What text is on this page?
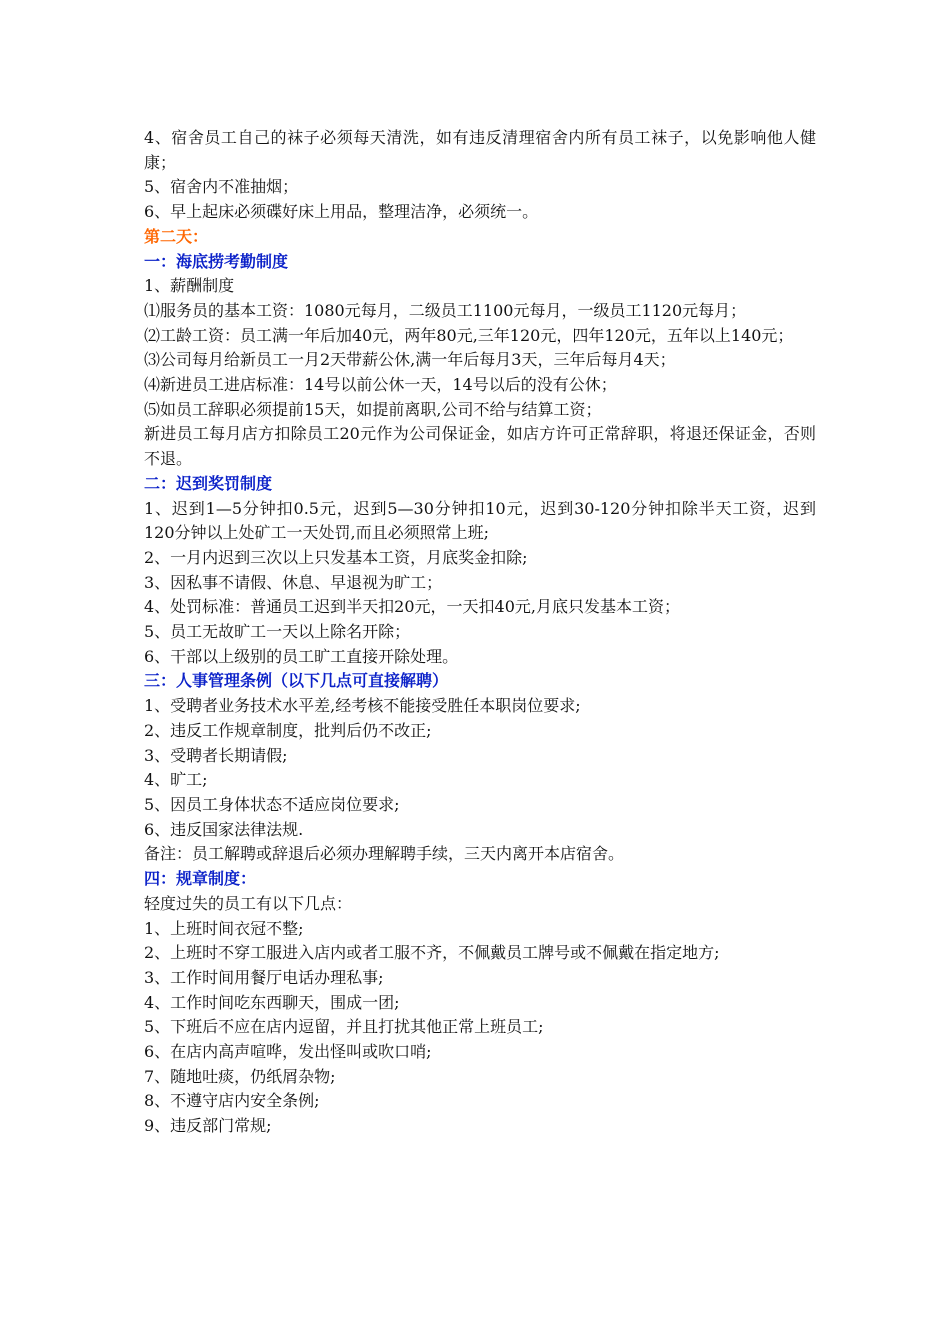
4、宿舍员工自己的袜子必须每天清洗，如有违反清理宿舍内所有员工袜子，以免影响他人健康；

5、宿舍内不准抽烟；

6、早上起床必须碟好床上用品，整理洁净，必须统一。

第二天：

一：海底捞考勤制度

1、薪酬制度

⑴服务员的基本工资：1080元每月，二级员工1100元每月，一级员工1120元每月；

⑵工龄工资：员工满一年后加40元，两年80元,三年120元，四年120元，五年以上140元；

⑶公司每月给新员工一月2天带薪公休,满一年后每月3天，三年后每月4天；

⑷新进员工进店标准：14号以前公休一天，14号以后的没有公休；

⑸如员工辞职必须提前15天，如提前离职,公司不给与结算工资；

新进员工每月店方扣除员工20元作为公司保证金，如店方许可正常辞职，将退还保证金，否则不退。

二：迟到奖罚制度

1、迟到1—5分钟扣0.5元，迟到5—30分钟扣10元，迟到30-120分钟扣除半天工资，迟到120分钟以上处矿工一天处罚,而且必须照常上班;

2、一月内迟到三次以上只发基本工资，月底奖金扣除;

3、因私事不请假、休息、早退视为旷工；

4、处罚标准：普通员工迟到半天扣20元，一天扣40元,月底只发基本工资；

5、员工无故旷工一天以上除名开除；

6、干部以上级别的员工旷工直接开除处理。

三：人事管理条例（以下几点可直接解聘）

1、受聘者业务技术水平差,经考核不能接受胜任本职岗位要求;

2、违反工作规章制度，批判后仍不改正;

3、受聘者长期请假;

4、旷工;

5、因员工身体状态不适应岗位要求;

6、违反国家法律法规.

备注：员工解聘或辞退后必须办理解聘手续，三天内离开本店宿舍。

四：规章制度：

轻度过失的员工有以下几点：

1、上班时间衣冠不整;

2、上班时不穿工服进入店内或者工服不齐，不佩戴员工牌号或不佩戴在指定地方;

3、工作时间用餐厅电话办理私事;

4、工作时间吃东西聊天，围成一团;

5、下班后不应在店内逗留，并且打扰其他正常上班员工;

6、在店内高声喧哗，发出怪叫或吹口哨;

7、随地吐痰，仍纸屑杂物;

8、不遵守店内安全条例;

9、违反部门常规;
